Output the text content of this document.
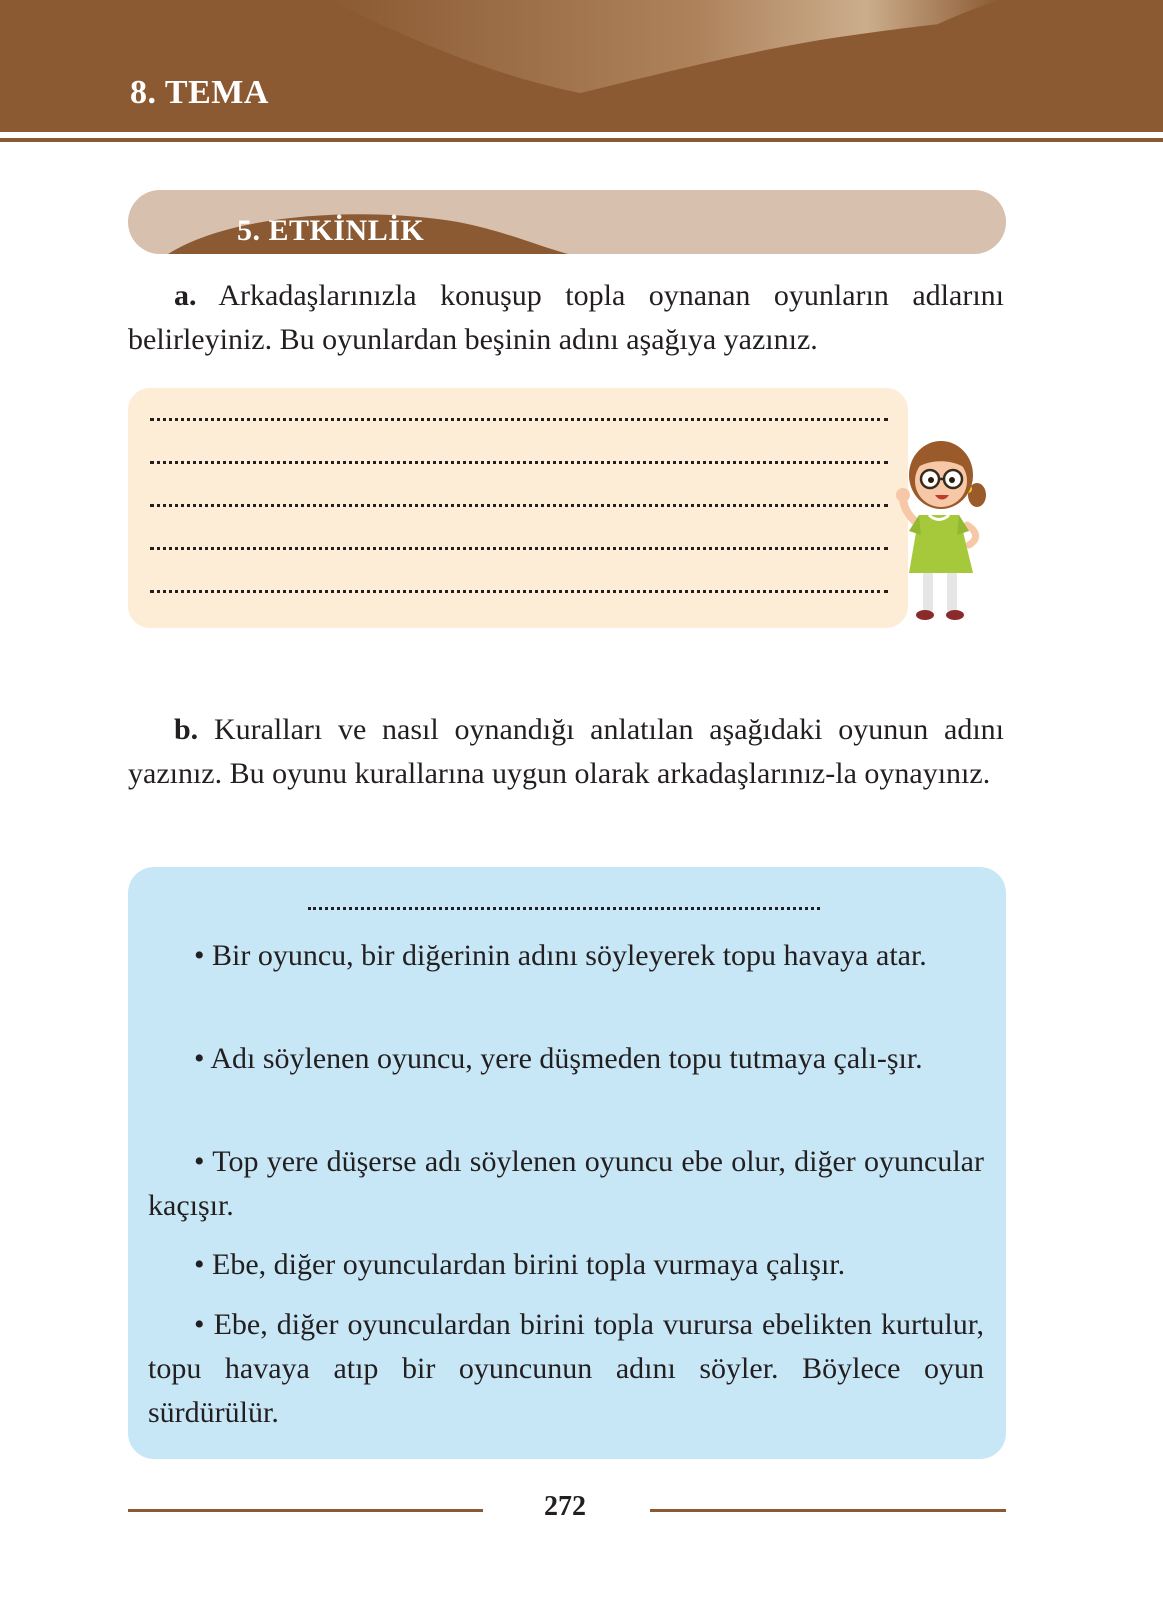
8. TEMA
5. ETKİNLİK

a. Arkadaşlarınızla konuşup topla oynanan oyunların adlarını belirleyiniz. Bu oyunlardan beşinin adını aşağıya yazınız.

b. Kuralları ve nasıl oynandığı anlatılan aşağıdaki oyunun adını yazınız. Bu oyunu kurallarına uygun olarak arkadaşlarınız-la oynayınız.

• Bir oyuncu, bir diğerinin adını söyleyerek topu havaya atar.

• Adı söylenen oyuncu, yere düşmeden topu tutmaya çalı-şır.

• Top yere düşerse adı söylenen oyuncu ebe olur, diğer oyuncular kaçışır.

• Ebe, diğer oyunculardan birini topla vurmaya çalışır.

• Ebe, diğer oyunculardan birini topla vurursa ebelikten kurtulur, topu havaya atıp bir oyuncunun adını söyler. Böylece oyun sürdürülür.

272
